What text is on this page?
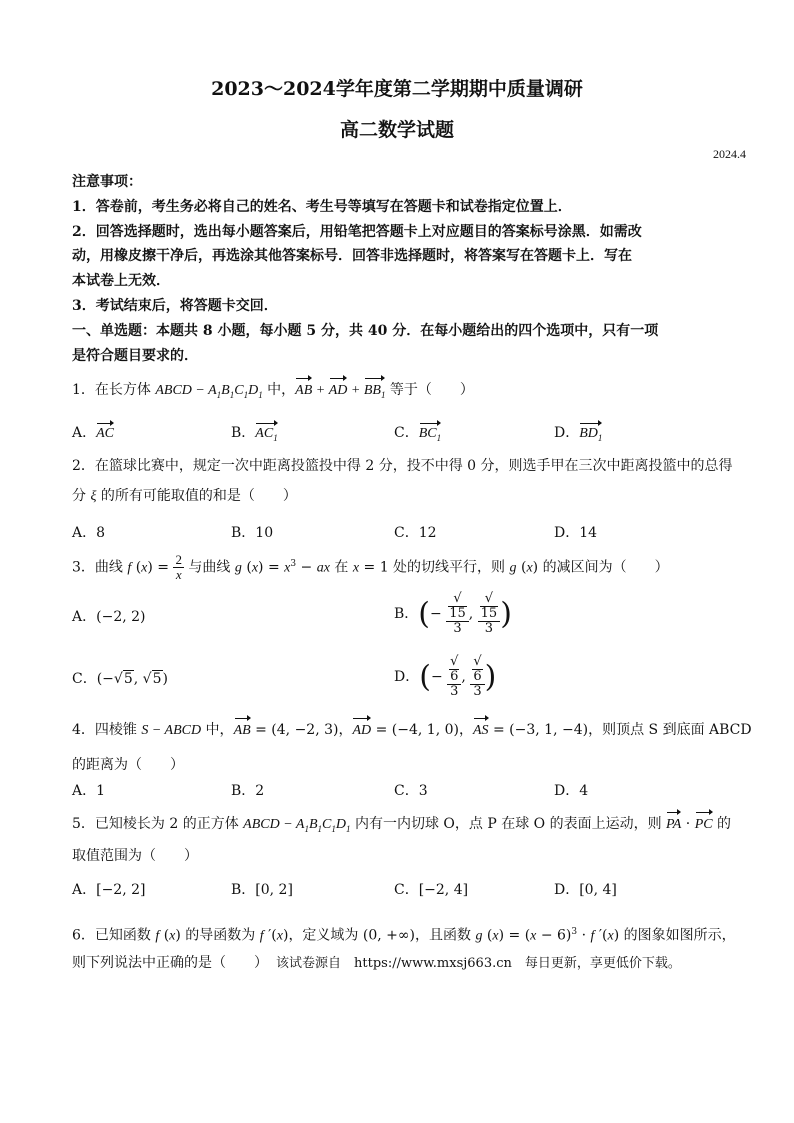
2023～2024学年度第二学期期中质量调研
高二数学试题
2024.4
注意事项：
1．答卷前，考生务必将自己的姓名、考生号等填写在答题卡和试卷指定位置上．
2．回答选择题时，选出每小题答案后，用铅笔把答题卡上对应题目的答案标号涂黑．如需改
动，用橡皮擦干净后，再选涂其他答案标号．回答非选择题时，将答案写在答题卡上．写在
本试卷上无效．
3．考试结束后，将答题卡交回．
一、单选题：本题共 8 小题，每小题 5 分，共 40 分．在每小题给出的四个选项中，只有一项
是符合题目要求的．
1．在长方体 ABCD − $A_1B_1C_1D_1$ 中，AB + AD + $BB_1$ 等于（　　）
A．AC	B．$AC_1$	C．$BC_1$	D．$BD_1$
2．在篮球比赛中，规定一次中距离投篮投中得 2 分，投不中得 0 分，则选手甲在三次中距离投篮中的总得
分 ξ 的所有可能取值的和是（　　）
A．8	B．10	C．12	D．14
3．曲线 f $(x) = \frac{2}{x}$ 与曲线 g $(x) = x^3$ − ax 在 x = 1 处的切线平行，则 g (x) 的减区间为（　　）
A．(−2, 2)	B．(− √
15
3 , √
15
3 )
C．(−√5, √5)	D．(− √
6
3 , √
6
3 )
4．四棱锥 S − ABCD 中，AB = (4, −2, 3)，AD = (−4, 1, 0)，AS = (−3, 1, −4)，则顶点 S 到底面 ABCD
的距离为（　　）
A．1	B．2	C．3	D．4
5．已知棱长为 2 的正方体 ABCD − $A_1B_1C_1D_1$ 内有一内切球 O，点 P 在球 O 的表面上运动，则 PA · PC 的
取值范围为（　　）
A．[−2, 2]	B．[0, 2]	C．[−2, 4]	D．[0, 4]
6．已知函数 f (x) 的导函数为 f ′(x)，定义域为 (0, +∞)，且函数 g $(x) = (x - 6)^3 \cdot f$ ′(x) 的图象如图所示，
则下列说法中正确的是（　　） 该试卷源自　https://www.mxsj663.cn　每日更新，享更低价下载。
